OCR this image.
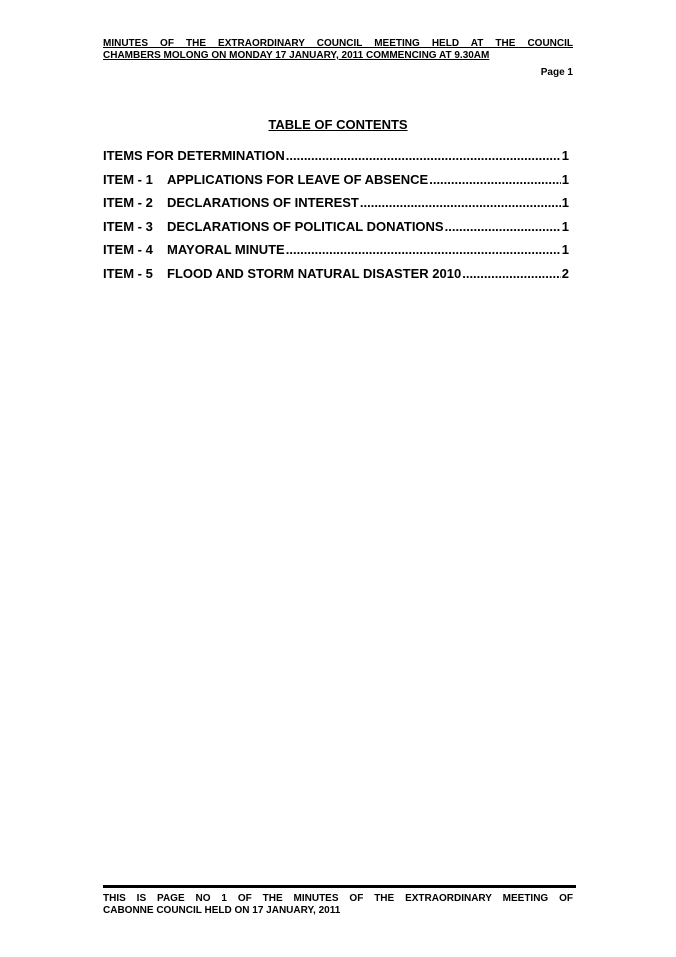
MINUTES OF THE EXTRAORDINARY COUNCIL MEETING HELD AT THE COUNCIL
CHAMBERS MOLONG ON MONDAY 17 JANUARY, 2011 COMMENCING AT 9.30AM
Page 1
TABLE OF CONTENTS
ITEMS FOR DETERMINATION .....	1
ITEM - 1	APPLICATIONS FOR LEAVE OF ABSENCE .....	1
ITEM - 2	DECLARATIONS OF INTEREST .....	1
ITEM - 3	DECLARATIONS OF POLITICAL DONATIONS .....	1
ITEM - 4	MAYORAL MINUTE .....	1
ITEM - 5	FLOOD AND STORM NATURAL DISASTER 2010 .....	2
THIS IS PAGE NO 1 OF THE MINUTES OF THE EXTRAORDINARY MEETING OF
CABONNE COUNCIL HELD ON 17 JANUARY, 2011
